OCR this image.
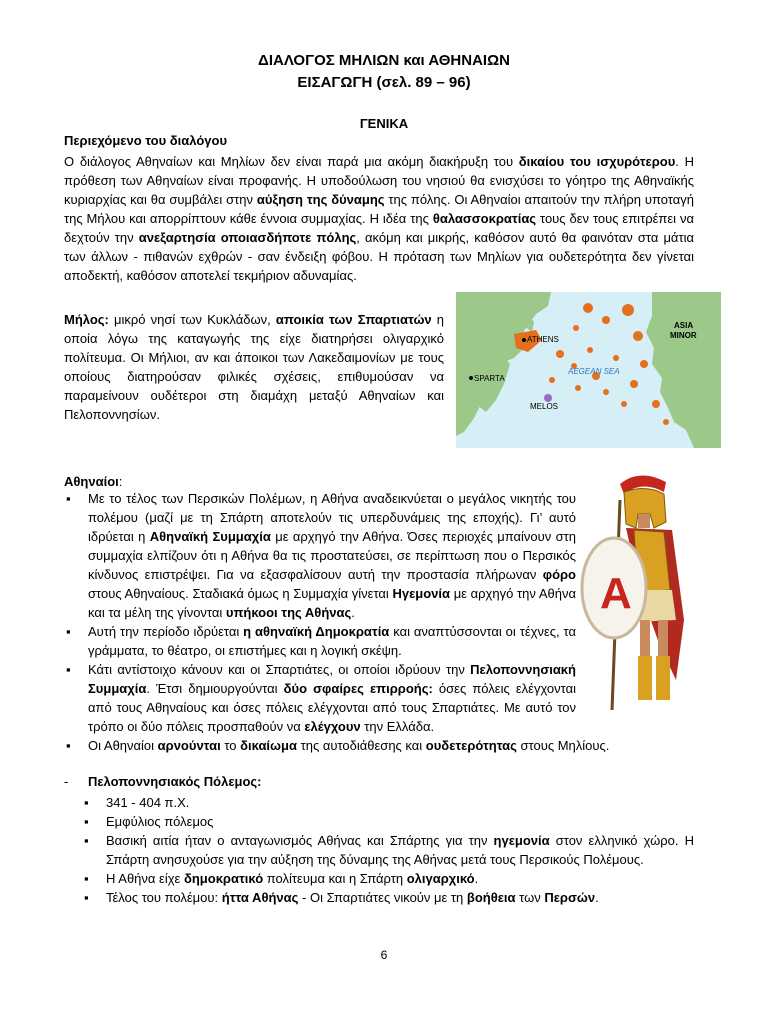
ΔΙΑΛΟΓΟΣ ΜΗΛΙΩΝ και ΑΘΗΝΑΙΩΝ
ΕΙΣΑΓΩΓΗ (σελ. 89 – 96)
ΓΕΝΙΚΑ
Περιεχόμενο του διαλόγου
Ο διάλογος Αθηναίων και Μηλίων δεν είναι παρά μια ακόμη διακήρυξη του δικαίου του ισχυρότερου. Η πρόθεση των Αθηναίων είναι προφανής. Η υποδούλωση του νησιού θα ενισχύσει το γόητρο της Αθηναϊκής κυριαρχίας και θα συμβάλει στην αύξηση της δύναμης της πόλης. Οι Αθηναίοι απαιτούν την πλήρη υποταγή της Μήλου και απορρίπτουν κάθε έννοια συμμαχίας. Η ιδέα της θαλασσοκρατίας τους δεν τους επιτρέπει να δεχτούν την ανεξαρτησία οποιασδήποτε πόλης, ακόμη και μικρής, καθόσον αυτό θα φαινόταν στα μάτια των άλλων - πιθανών εχθρών - σαν ένδειξη φόβου. Η πρόταση των Μηλίων για ουδετερότητα δεν γίνεται αποδεκτή, καθόσον αποτελεί τεκμήριον αδυναμίας.
Μήλος: μικρό νησί των Κυκλάδων, αποικία των Σπαρτιατών η οποία λόγω της καταγωγής της είχε διατηρήσει ολιγαρχικό πολίτευμα. Οι Μήλιοι, αν και άποικοι των Λακεδαιμονίων με τους οποίους διατηρούσαν φιλικές σχέσεις, επιθυμούσαν να παραμείνουν ουδέτεροι στη διαμάχη μεταξύ Αθηναίων και Πελοποννησίων.
ATHENS
SPARTA
MELOS
AEGEAN SEA
ASIA
MINOR
Αθηναίοι:
▪ Με το τέλος των Περσικών Πολέμων, η Αθήνα αναδεικνύεται ο μεγάλος νικητής του πολέμου (μαζί με τη Σπάρτη αποτελούν τις υπερδυνάμεις της εποχής). Γι’ αυτό ιδρύεται η Αθηναϊκή Συμμαχία με αρχηγό την Αθήνα. Όσες περιοχές μπαίνουν στη συμμαχία ελπίζουν ότι η Αθήνα θα τις προστατεύσει, σε περίπτωση που ο Περσικός κίνδυνος επιστρέψει. Για να εξασφαλίσουν αυτή την προστασία πλήρωναν φόρο στους Αθηναίους. Σταδιακά όμως η Συμμαχία γίνεται Ηγεμονία με αρχηγό την Αθήνα και τα μέλη της γίνονται υπήκοοι της Αθήνας.
▪ Αυτή την περίοδο ιδρύεται η αθηναϊκή Δημοκρατία και αναπτύσσονται οι τέχνες, τα γράμματα, το θέατρο, οι επιστήμες και η λογική σκέψη.
▪ Κάτι αντίστοιχο κάνουν και οι Σπαρτιάτες, οι οποίοι ιδρύουν την Πελοποννησιακή Συμμαχία. Έτσι δημιουργούνται δύο σφαίρες επιρροής: όσες πόλεις ελέγχονται από τους Αθηναίους και όσες πόλεις ελέγχονται από τους Σπαρτιάτες. Με αυτό τον τρόπο οι δύο πόλεις προσπαθούν να ελέγχουν την Ελλάδα.
▪ Οι Αθηναίοι αρνούνται το δικαίωμα της αυτοδιάθεσης και ουδετερότητας στους Μηλίους.
A
- Πελοποννησιακός Πόλεμος:
▪ 341 - 404 π.Χ.
▪ Εμφύλιος πόλεμος
▪ Βασική αιτία ήταν ο ανταγωνισμός Αθήνας και Σπάρτης για την ηγεμονία στον ελληνικό χώρο. Η Σπάρτη ανησυχούσε για την αύξηση της δύναμης της Αθήνας μετά τους Περσικούς Πολέμους.
▪ Η Αθήνα είχε δημοκρατικό πολίτευμα και η Σπάρτη ολιγαρχικό.
▪ Τέλος του πολέμου: ήττα Αθήνας - Οι Σπαρτιάτες νικούν με τη βοήθεια των Περσών.
6
